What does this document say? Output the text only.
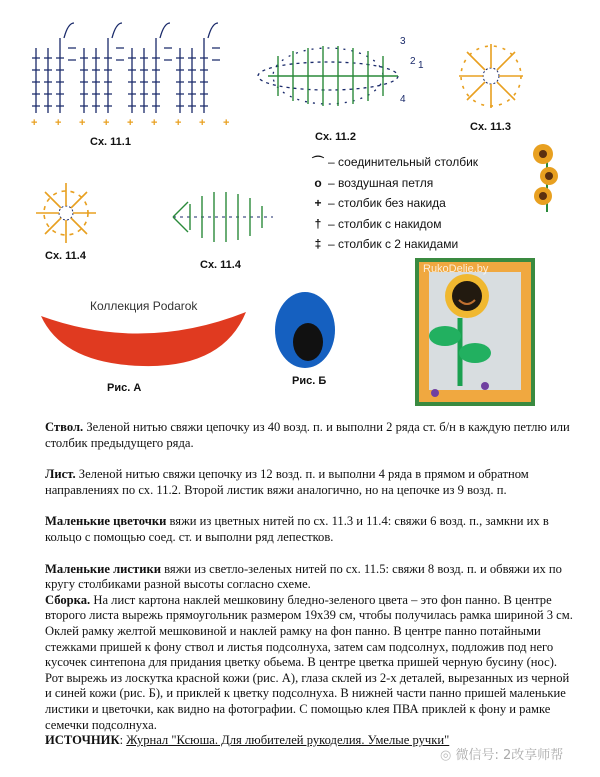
+ + + + + + + + +
Сх. 11.1
3
2 1
4
Сх. 11.2
Сх. 11.3
⌒ – соединительный столбик
o – воздушная петля
+ – столбик без накида
† – столбик с накидом
‡ – столбик с 2 накидами
Сх. 11.4
Сх. 11.4
Коллекция Podarok
Рис. А
Рис. Б
RukoDelie.by

Ствол. Зеленой нитью свяжи цепочку из 40 возд. п. и выполни 2 ряда ст. б/н в каждую петлю или столбик предыдущего ряда.

Лист. Зеленой нитью свяжи цепочку из 12 возд. п. и выполни 4 ряда в прямом и обратном направлениях по сх. 11.2. Второй листик вяжи аналогично, но на цепочке из 9 возд. п.

Маленькие цветочки вяжи из цветных нитей по сх. 11.3 и 11.4: свяжи 6 возд. п., замкни их в кольцо с помощью соед. ст. и выполни ряд лепестков.

Маленькие листики вяжи из светло-зеленых нитей по сх. 11.5: свяжи 8 возд. п. и обвяжи их по кругу столбиками разной высоты согласно схеме.

Сборка. На лист картона наклей мешковину бледно-зеленого цвета – это фон панно. В центре второго листа вырежь прямоугольник размером 19х39 см, чтобы получилась рамка шириной 3 см. Оклей рамку желтой мешковиной и наклей рамку на фон панно. В центре панно потайными стежками пришей к фону ствол и листья подсолнуха, затем сам подсолнух, подложив под него кусочек синтепона для придания цветку обьема. В центре цветка пришей черную бусину (нос). Рот вырежь из лоскутка красной кожи (рис. А), глаза склей из 2-х деталей, вырезанных из черной и синей кожи (рис. Б), и приклей к цветку подсолнуха. В нижней части панно пришей маленькие листики и цветочки, как видно на фотографии. С помощью клея ПВА приклей к фону и рамке семечки подсолнуха.

ИСТОЧНИК: Журнал "Ксюша. Для любителей рукоделия. Умелые ручки"

◎ 微信号: 2改享师帮
